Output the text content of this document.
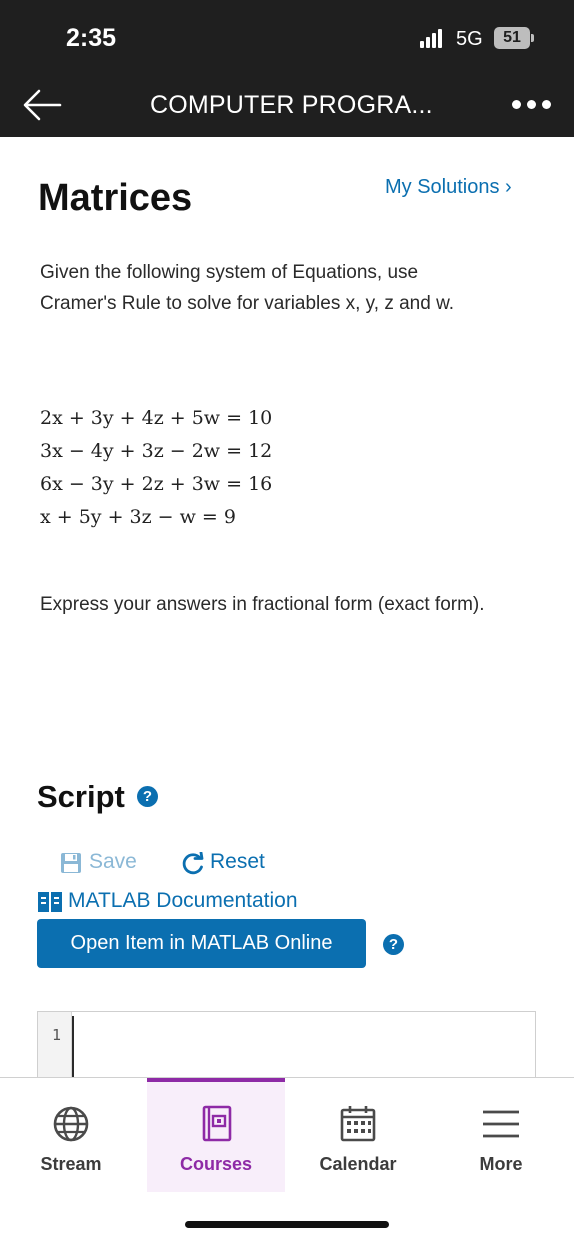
2:35	5G	51
COMPUTER PROGRA...
Matrices	My Solutions ›

Given the following system of Equations, use Cramer's Rule to solve for variables x, y, z and w.

2x + 3y + 4z + 5w = 10
3x − 4y + 3z − 2w = 12
6x − 3y + 2z + 3w = 16
x + 5y + 3z − w = 9

Express your answers in fractional form (exact form).

Script	?
Save	Reset
MATLAB Documentation
Open Item in MATLAB Online	?
1
Stream	Courses	Calendar	More
